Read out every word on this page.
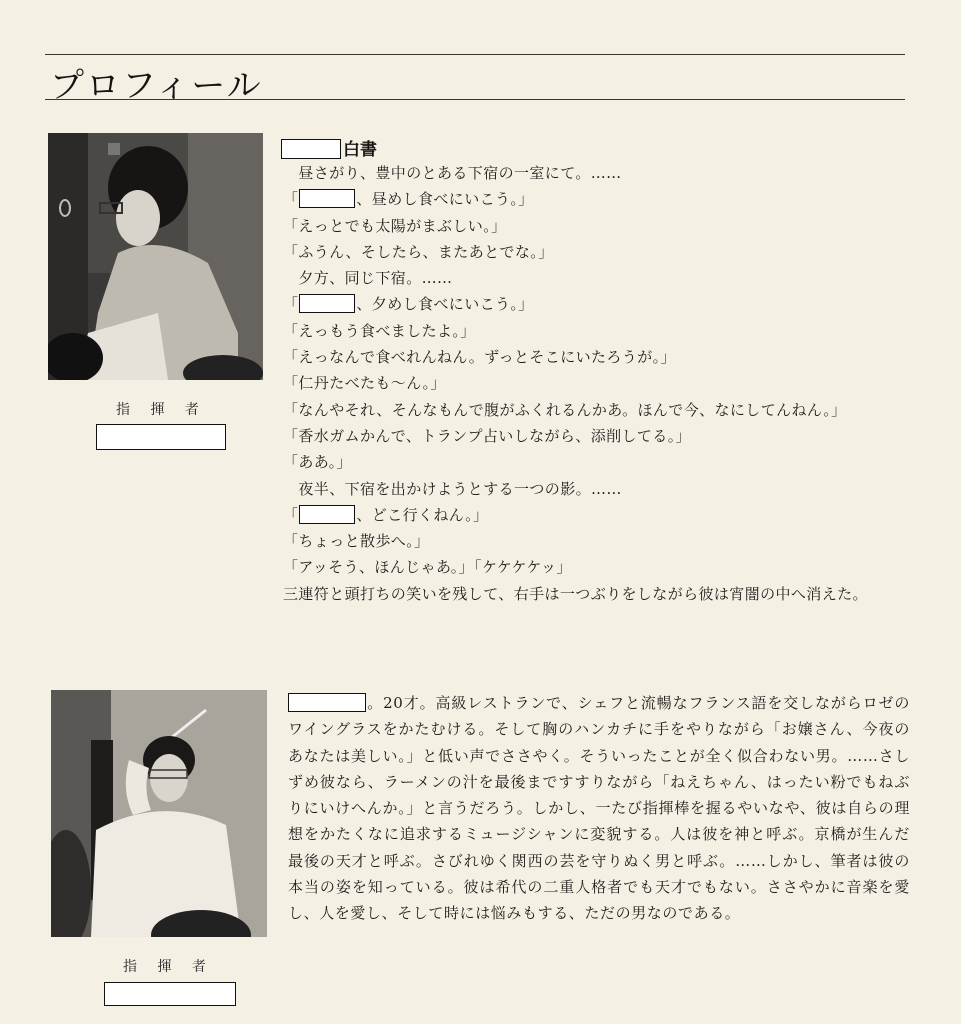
プロフィール
指 揮 者
白書

　昼さがり、豊中のとある下宿の一室にて。……

「	、昼めし食べにいこう。」

「えっとでも太陽がまぶしい。」

「ふうん、そしたら、またあとでな。」

　夕方、同じ下宿。……

「	、夕めし食べにいこう。」

「えっもう食べましたよ。」

「えっなんで食べれんねん。ずっとそこにいたろうが。」

「仁丹たべたも～ん。」

「なんやそれ、そんなもんで腹がふくれるんかあ。ほんで今、なにしてんねん。」

「香水ガムかんで、トランプ占いしながら、添削してる。」

「ああ。」

　夜半、下宿を出かけようとする一つの影。……

「	、どこ行くねん。」

「ちょっと散歩へ。」

「アッそう、ほんじゃあ。」「ケケケケッ」

三連符と頭打ちの笑いを残して、右手は一つぶりをしながら彼は宵闇の中へ消えた。

指 揮 者

。20才。高級レストランで、シェフと流暢なフランス語を交しながらロゼのワイングラスをかたむける。そして胸のハンカチに手をやりながら「お嬢さん、今夜のあなたは美しい。」と低い声でささやく。そういったことが全く似合わない男。……さしずめ彼なら、ラーメンの汁を最後まですすりながら「ねえちゃん、はったい粉でもねぶりにいけへんか。」と言うだろう。しかし、一たび指揮棒を握るやいなや、彼は自らの理想をかたくなに追求するミュージシャンに変貌する。人は彼を神と呼ぶ。京橋が生んだ最後の天才と呼ぶ。さびれゆく関西の芸を守りぬく男と呼ぶ。……しかし、筆者は彼の本当の姿を知っている。彼は希代の二重人格者でも天才でもない。ささやかに音楽を愛し、人を愛し、そして時には悩みもする、ただの男なのである。
